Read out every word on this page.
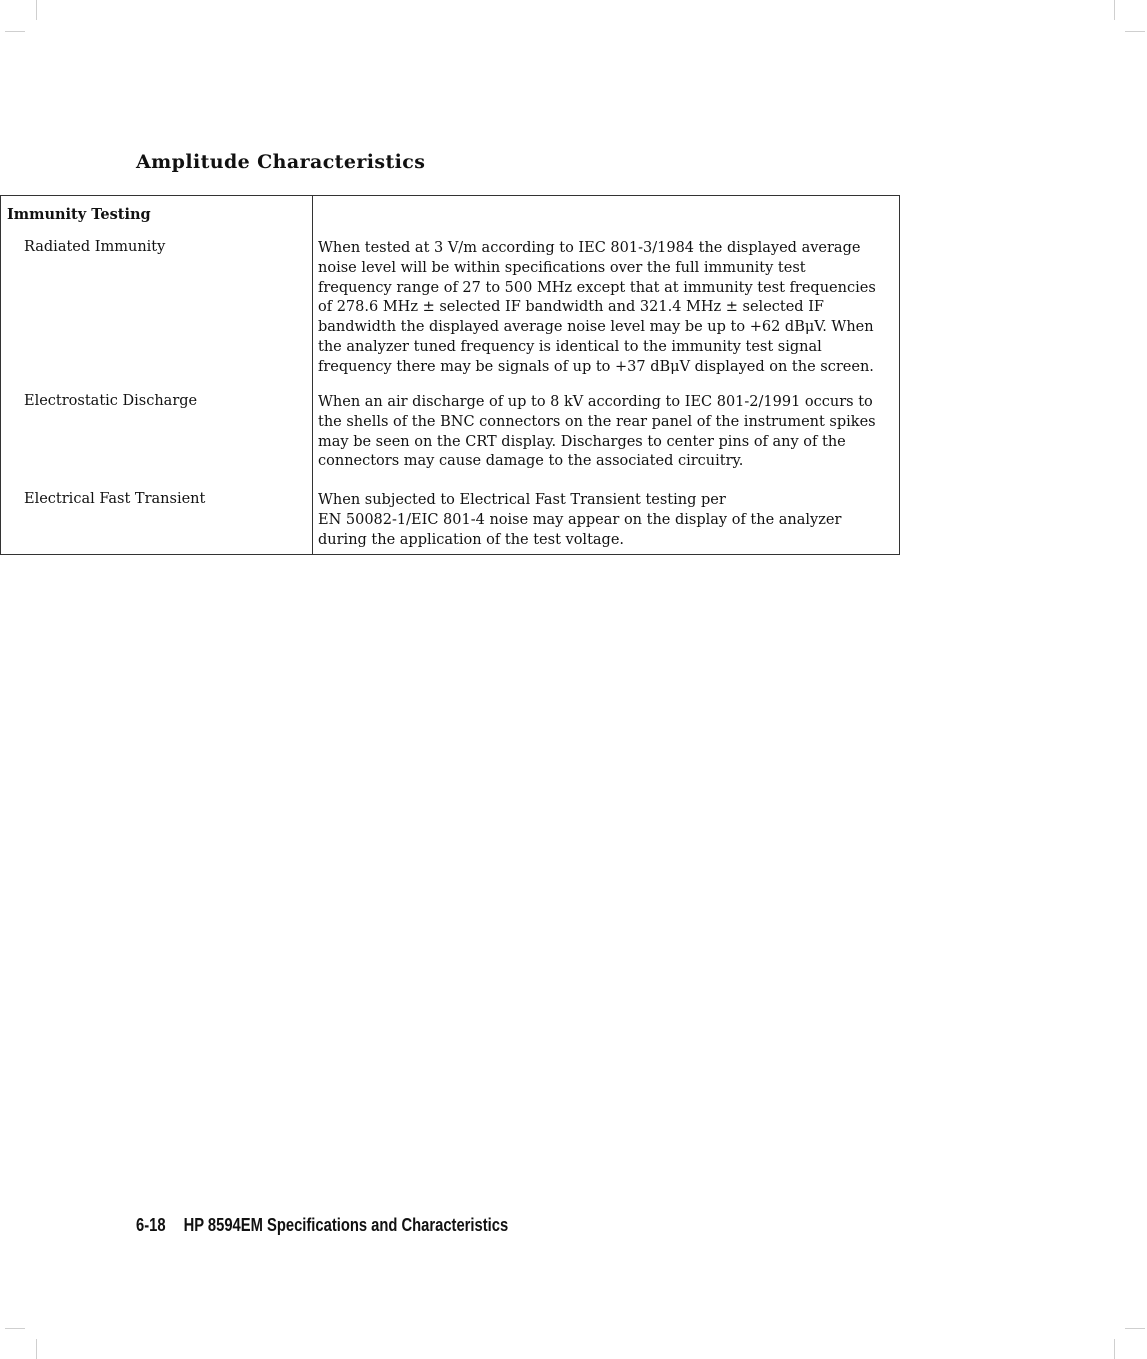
Amplitude Characteristics
Immunity Testing
Radiated Immunity	When tested at 3 V/m according to IEC 801-3/1984 the displayed average
noise level will be within specifications over the full immunity test
frequency range of 27 to 500 MHz except that at immunity test frequencies
of 278.6 MHz ± selected IF bandwidth and 321.4 MHz ± selected IF
bandwidth the displayed average noise level may be up to +62 dBμV. When
the analyzer tuned frequency is identical to the immunity test signal
frequency there may be signals of up to +37 dBμV displayed on the screen.
Electrostatic Discharge	When an air discharge of up to 8 kV according to IEC 801-2/1991 occurs to
the shells of the BNC connectors on the rear panel of the instrument spikes
may be seen on the CRT display. Discharges to center pins of any of the
connectors may cause damage to the associated circuitry.
Electrical Fast Transient	When subjected to Electrical Fast Transient testing per
EN 50082-1/EIC 801-4 noise may appear on the display of the analyzer
during the application of the test voltage.
6-18 HP 8594EM Specifications and Characteristics
